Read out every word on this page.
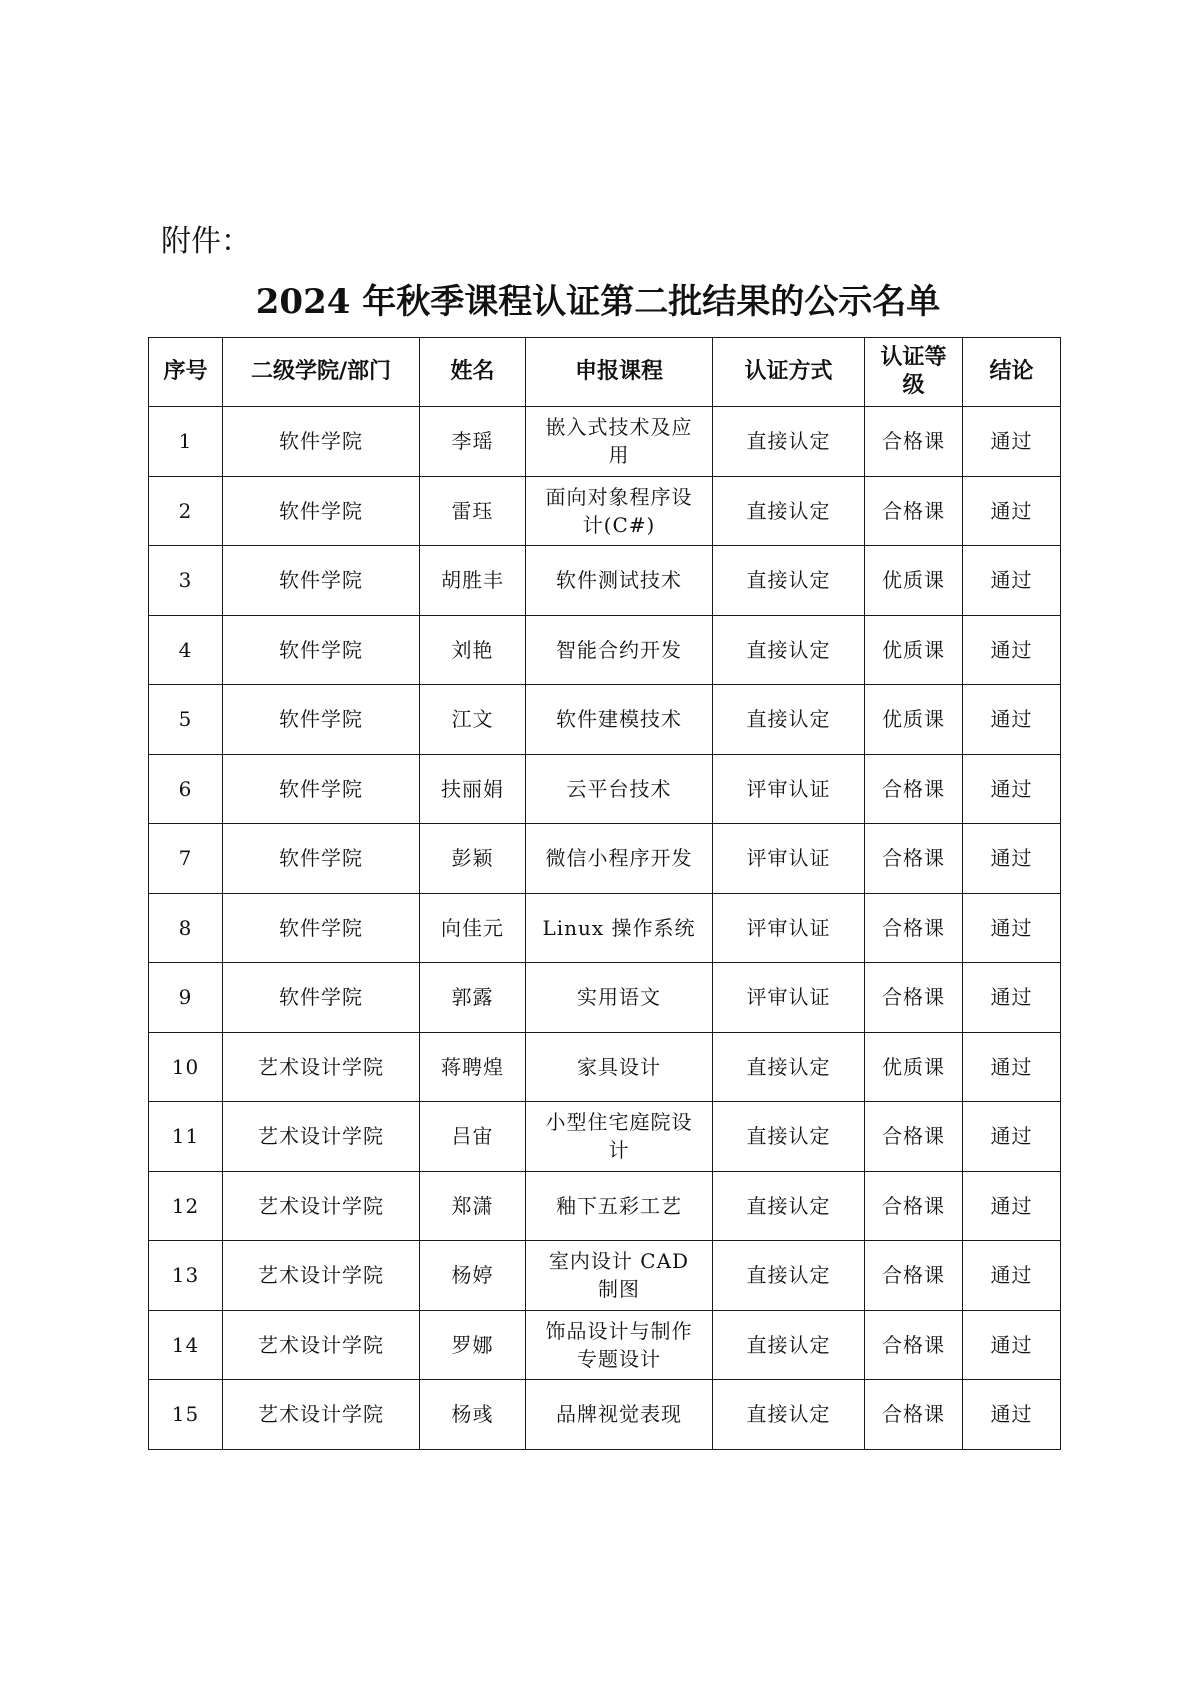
附件：
2024 年秋季课程认证第二批结果的公示名单
序号	二级学院/部门	姓名	申报课程	认证方式	认证等级	结论
1	软件学院	李瑶	嵌入式技术及应用	直接认定	合格课	通过
2	软件学院	雷珏	面向对象程序设计(C#)	直接认定	合格课	通过
3	软件学院	胡胜丰	软件测试技术	直接认定	优质课	通过
4	软件学院	刘艳	智能合约开发	直接认定	优质课	通过
5	软件学院	江文	软件建模技术	直接认定	优质课	通过
6	软件学院	扶丽娟	云平台技术	评审认证	合格课	通过
7	软件学院	彭颖	微信小程序开发	评审认证	合格课	通过
8	软件学院	向佳元	Linux 操作系统	评审认证	合格课	通过
9	软件学院	郭露	实用语文	评审认证	合格课	通过
10	艺术设计学院	蒋聘煌	家具设计	直接认定	优质课	通过
11	艺术设计学院	吕宙	小型住宅庭院设计	直接认定	合格课	通过
12	艺术设计学院	郑潇	釉下五彩工艺	直接认定	合格课	通过
13	艺术设计学院	杨婷	室内设计 CAD 制图	直接认定	合格课	通过
14	艺术设计学院	罗娜	饰品设计与制作专题设计	直接认定	合格课	通过
15	艺术设计学院	杨彧	品牌视觉表现	直接认定	合格课	通过
